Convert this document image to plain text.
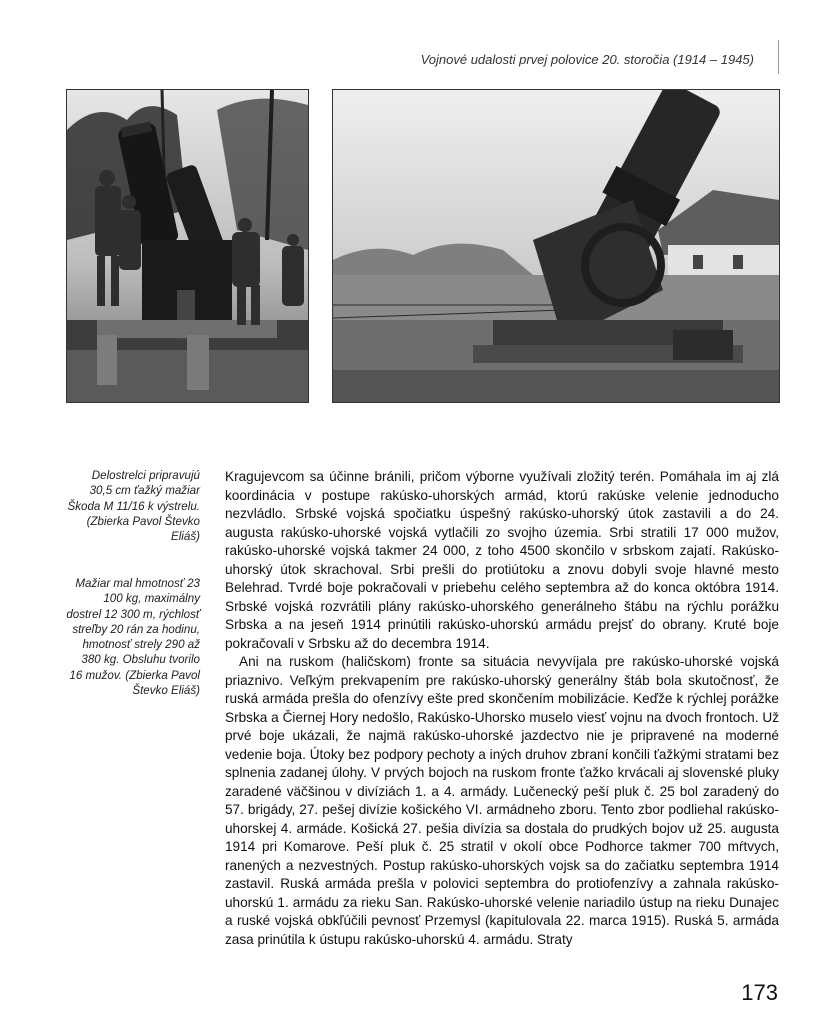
Vojnové udalosti prvej polovice 20. storočia (1914 – 1945)

Delostrelci pripravujú 30,5 cm ťažký mažiar Škoda M 11/16 k výstrelu. (Zbierka Pavol Števko Eliáš)

Mažiar mal hmotnosť 23 100 kg, maximálny dostrel 12 300 m, rýchlosť streľby 20 rán za hodinu, hmotnosť strely 290 až 380 kg. Obsluhu tvorilo 16 mužov. (Zbierka Pavol Števko Eliáš)

Kragujevcom sa účinne bránili, pričom výborne využívali zložitý terén. Pomáhala im aj zlá koordinácia v postupe rakúsko-uhorských armád, ktorú rakúske velenie jednoducho nezvládlo. Srbské vojská spočiatku úspešný rakúsko-uhorský útok zastavili a do 24. augusta rakúsko-uhorské vojská vytlačili zo svojho územia. Srbi stratili 17 000 mužov, rakúsko-uhorské vojská takmer 24 000, z toho 4500 skončilo v srbskom zajatí. Rakúsko-uhorský útok skrachoval. Srbi prešli do protiútoku a znovu dobyli svoje hlavné mesto Belehrad. Tvrdé boje pokračovali v priebehu celého septembra až do konca októbra 1914. Srbské vojská rozvrátili plány rakúsko-uhorského generálneho štábu na rýchlu porážku Srbska a na jeseň 1914 prinútili rakúsko-uhorskú armádu prejsť do obrany. Kruté boje pokračovali v Srbsku až do decembra 1914.

Ani na ruskom (haličskom) fronte sa situácia nevyvíjala pre rakúsko-uhorské vojská priaznivo. Veľkým prekvapením pre rakúsko-uhorský generálny štáb bola skutočnosť, že ruská armáda prešla do ofenzívy ešte pred skončením mobilizácie. Keďže k rýchlej porážke Srbska a Čiernej Hory nedošlo, Rakúsko-Uhorsko muselo viesť vojnu na dvoch frontoch. Už prvé boje ukázali, že najmä rakúsko-uhorské jazdectvo nie je pripravené na moderné vedenie boja. Útoky bez podpory pechoty a iných druhov zbraní končili ťažkými stratami bez splnenia zadanej úlohy. V prvých bojoch na ruskom fronte ťažko krvácali aj slovenské pluky zaradené väčšinou v divíziách 1. a 4. armády. Lučenecký peší pluk č. 25 bol zaradený do 57. brigády, 27. pešej divízie košického VI. armádneho zboru. Tento zbor podliehal rakúsko-uhorskej 4. armáde. Košická 27. pešia divízia sa dostala do prudkých bojov už 25. augusta 1914 pri Komarove. Peší pluk č. 25 stratil v okolí obce Podhorce takmer 700 mŕtvych, ranených a nezvestných. Postup rakúsko-uhorských vojsk sa do začiatku septembra 1914 zastavil. Ruská armáda prešla v polovici septembra do protiofenzívy a zahnala rakúsko-uhorskú 1. armádu za rieku San. Rakúsko-uhorské velenie nariadilo ústup na rieku Dunajec a ruské vojská obkľúčili pevnosť Przemysl (kapitulovala 22. marca 1915). Ruská 5. armáda zasa prinútila k ústupu rakúsko-uhorskú 4. armádu. Straty

173
